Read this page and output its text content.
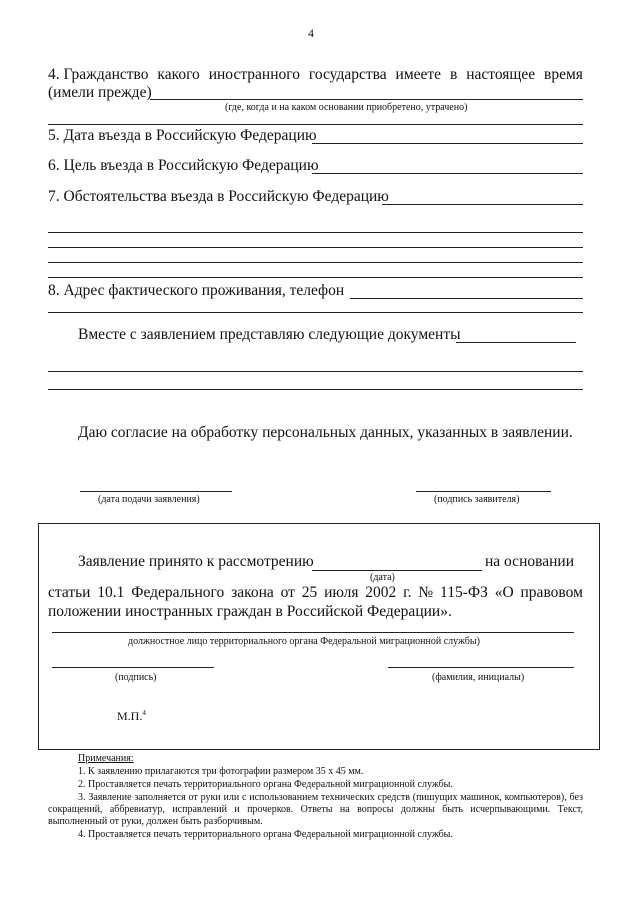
4
4. Гражданство какого иностранного государства имеете в настоящее время
(имели прежде)
(где, когда и на каком основании приобретено, утрачено)
5. Дата въезда в Российскую Федерацию
6. Цель въезда в Российскую Федерацию
7. Обстоятельства въезда в Российскую Федерацию
8. Адрес фактического проживания, телефон
Вместе с заявлением представляю следующие документы
Даю согласие на обработку персональных данных, указанных в заявлении.
(дата подачи заявления)	(подпись заявителя)
Заявление принято к рассмотрению	на основании
(дата)
статьи 10.1 Федерального закона от 25 июля 2002 г. № 115-ФЗ «О правовом
положении иностранных граждан в Российской Федерации».
должностное лицо территориального органа Федеральной миграционной службы)
(подпись)	(фамилия, инициалы)
М.П.$^4$
Примечания:
1. К заявлению прилагаются три фотографии размером 35 х 45 мм.
2. Проставляется печать территориального органа Федеральной миграционной службы.
3. Заявление заполняется от руки или с использованием технических средств (пишущих машинок, компьютеров), без сокращений, аббревиатур, исправлений и прочерков. Ответы на вопросы должны быть исчерпывающими. Текст, выполненный от руки, должен быть разборчивым.
4. Проставляется печать территориального органа Федеральной миграционной службы.
